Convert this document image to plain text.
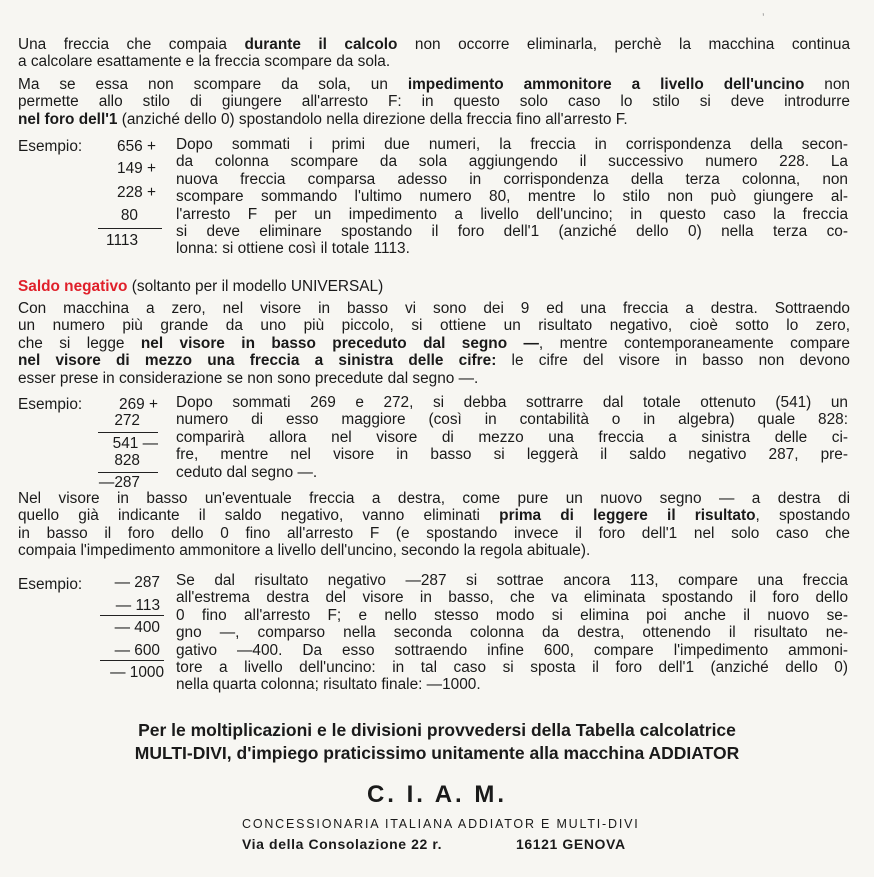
ʼ
Una freccia che compaia durante il calcolo non occorre eliminarla, perchè la macchina continua
a calcolare esattamente e la freccia scompare da sola.
Ma se essa non scompare da sola, un impedimento ammonitore a livello dell'uncino non
permette allo stilo di giungere all'arresto F: in questo solo caso lo stilo si deve introdurre
nel foro dell'1 (anziché dello 0) spostandolo nella direzione della freccia fino all'arresto F.
Esempio: 656 +
149 +
228 +
80
1113
Dopo sommati i primi due numeri, la freccia in corrispondenza della secon-
da colonna scompare da sola aggiungendo il successivo numero 228. La
nuova freccia comparsa adesso in corrispondenza della terza colonna, non
scompare sommando l'ultimo numero 80, mentre lo stilo non può giungere al-
l'arresto F per un impedimento a livello dell'uncino; in questo caso la freccia
si deve eliminare spostando il foro dell'1 (anziché dello 0) nella terza co-
lonna: si ottiene così il totale 1113.
Saldo negativo (soltanto per il modello UNIVERSAL)
Con macchina a zero, nel visore in basso vi sono dei 9 ed una freccia a destra. Sottraendo
un numero più grande da uno più piccolo, si ottiene un risultato negativo, cioè sotto lo zero,
che si legge nel visore in basso preceduto dal segno —, mentre contemporaneamente compare
nel visore di mezzo una freccia a sinistra delle cifre: le cifre del visore in basso non devono
esser prese in considerazione se non sono precedute dal segno —.
Esempio: 269 +
272
541 —
828
—287
Dopo sommati 269 e 272, si debba sottrarre dal totale ottenuto (541) un
numero di esso maggiore (così in contabilità o in algebra) quale 828:
comparirà allora nel visore di mezzo una freccia a sinistra delle ci-
fre, mentre nel visore in basso si leggerà il saldo negativo 287, pre-
ceduto dal segno —.
Nel visore in basso un'eventuale freccia a destra, come pure un nuovo segno — a destra di
quello già indicante il saldo negativo, vanno eliminati prima di leggere il risultato, spostando
in basso il foro dello 0 fino all'arresto F (e spostando invece il foro dell'1 nel solo caso che
compaia l'impedimento ammonitore a livello dell'uncino, secondo la regola abituale).
Esempio: — 287
— 113
— 400
— 600
— 1000
Se dal risultato negativo —287 si sottrae ancora 113, compare una freccia
all'estrema destra del visore in basso, che va eliminata spostando il foro dello
0 fino all'arresto F; e nello stesso modo si elimina poi anche il nuovo se-
gno —, comparso nella seconda colonna da destra, ottenendo il risultato ne-
gativo —400. Da esso sottraendo infine 600, compare l'impedimento ammoni-
tore a livello dell'uncino: in tal caso si sposta il foro dell'1 (anziché dello 0)
nella quarta colonna; risultato finale: —1000.
Per le moltiplicazioni e le divisioni provvedersi della Tabella calcolatrice
MULTI-DIVI, d'impiego praticissimo unitamente alla macchina ADDIATOR
C. I. A. M.
CONCESSIONARIA ITALIANA ADDIATOR E MULTI-DIVI
Via della Consolazione 22 r.	16121 GENOVA
